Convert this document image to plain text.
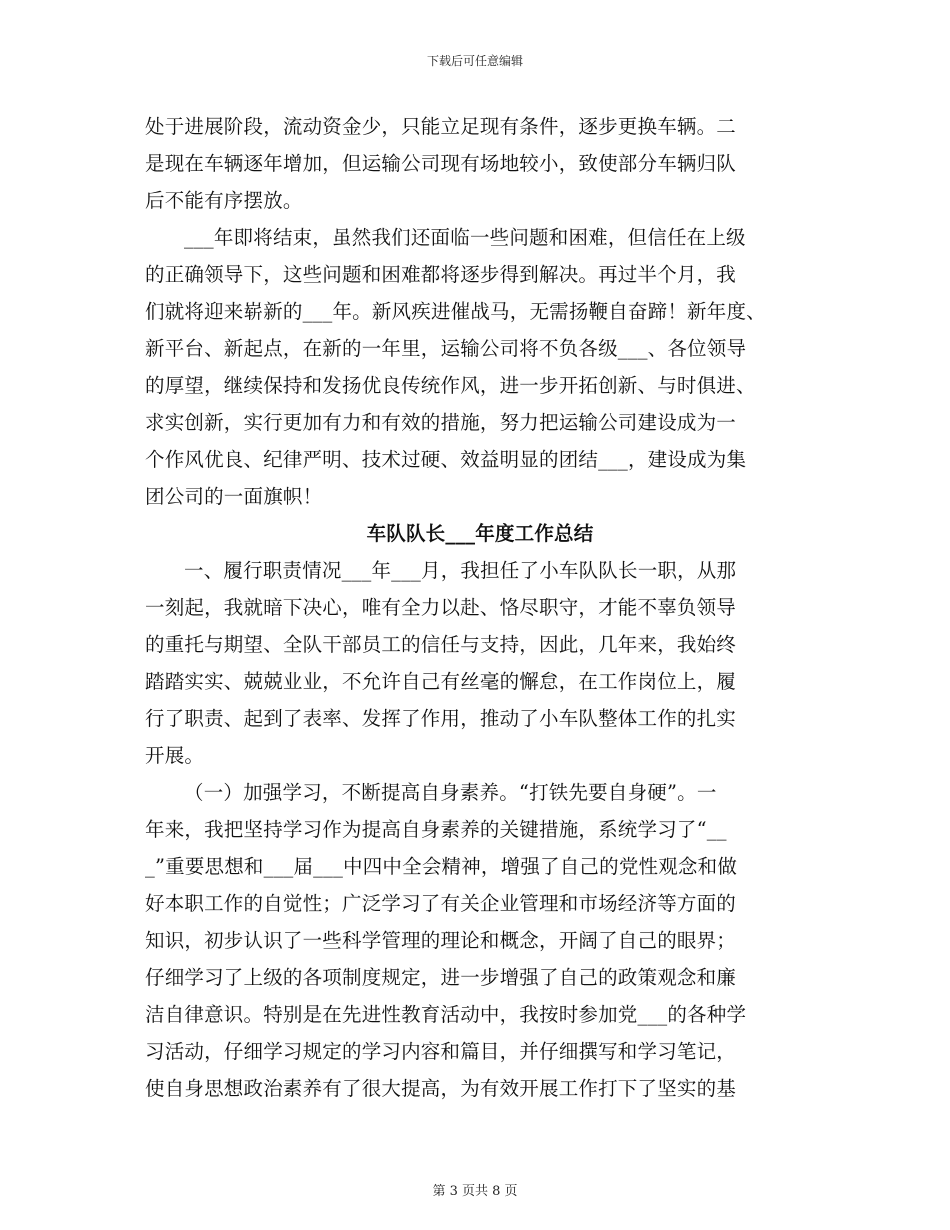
下载后可任意编辑

处于进展阶段，流动资金少，只能立足现有条件，逐步更换车辆。二
是现在车辆逐年增加，但运输公司现有场地较小，致使部分车辆归队
后不能有序摆放。

___年即将结束，虽然我们还面临一些问题和困难，但信任在上级
的正确领导下，这些问题和困难都将逐步得到解决。再过半个月，我
们就将迎来崭新的___年。新风疾进催战马，无需扬鞭自奋蹄！新年度、
新平台、新起点，在新的一年里，运输公司将不负各级___、各位领导
的厚望，继续保持和发扬优良传统作风，进一步开拓创新、与时俱进、
求实创新，实行更加有力和有效的措施，努力把运输公司建设成为一
个作风优良、纪律严明、技术过硬、效益明显的团结___，建设成为集
团公司的一面旗帜！

车队队长___年度工作总结

一、履行职责情况___年___月，我担任了小车队队长一职，从那
一刻起，我就暗下决心，唯有全力以赴、恪尽职守，才能不辜负领导
的重托与期望、全队干部员工的信任与支持，因此，几年来，我始终
踏踏实实、兢兢业业，不允许自己有丝毫的懈怠，在工作岗位上，履
行了职责、起到了表率、发挥了作用，推动了小车队整体工作的扎实
开展。

（一）加强学习，不断提高自身素养。“打铁先要自身硬”。一
年来，我把坚持学习作为提高自身素养的关键措施，系统学习了“__
_”重要思想和___届___中四中全会精神，增强了自己的党性观念和做
好本职工作的自觉性；广泛学习了有关企业管理和市场经济等方面的
知识，初步认识了一些科学管理的理论和概念，开阔了自己的眼界；
仔细学习了上级的各项制度规定，进一步增强了自己的政策观念和廉
洁自律意识。特别是在先进性教育活动中，我按时参加党___的各种学
习活动，仔细学习规定的学习内容和篇目，并仔细撰写和学习笔记，
使自身思想政治素养有了很大提高，为有效开展工作打下了坚实的基

第 3 页共 8 页
